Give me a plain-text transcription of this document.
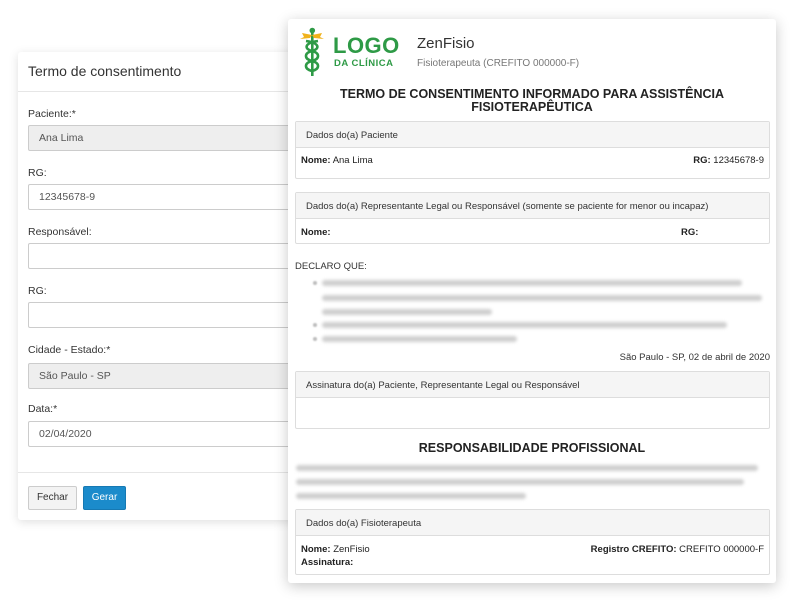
Termo de consentimento
Paciente:*
Ana Lima
RG:
12345678-9
Responsável:
RG:
Cidade - Estado:*
São Paulo - SP
Data:*
02/04/2020
Fechar	Gerar
LOGO
DA CLÍNICA
ZenFisio
Fisioterapeuta (CREFITO 000000-F)
TERMO DE CONSENTIMENTO INFORMADO PARA ASSISTÊNCIA
FISIOTERAPÊUTICA
Dados do(a) Paciente
Nome: Ana Lima	RG: 12345678-9
Dados do(a) Representante Legal ou Responsável (somente se paciente for menor ou incapaz)
Nome:	RG:
DECLARO QUE:
São Paulo - SP, 02 de abril de 2020
Assinatura do(a) Paciente, Representante Legal ou Responsável
RESPONSABILIDADE PROFISSIONAL
Dados do(a) Fisioterapeuta
Nome: ZenFisio	Registro CREFITO: CREFITO 000000-F
Assinatura:
